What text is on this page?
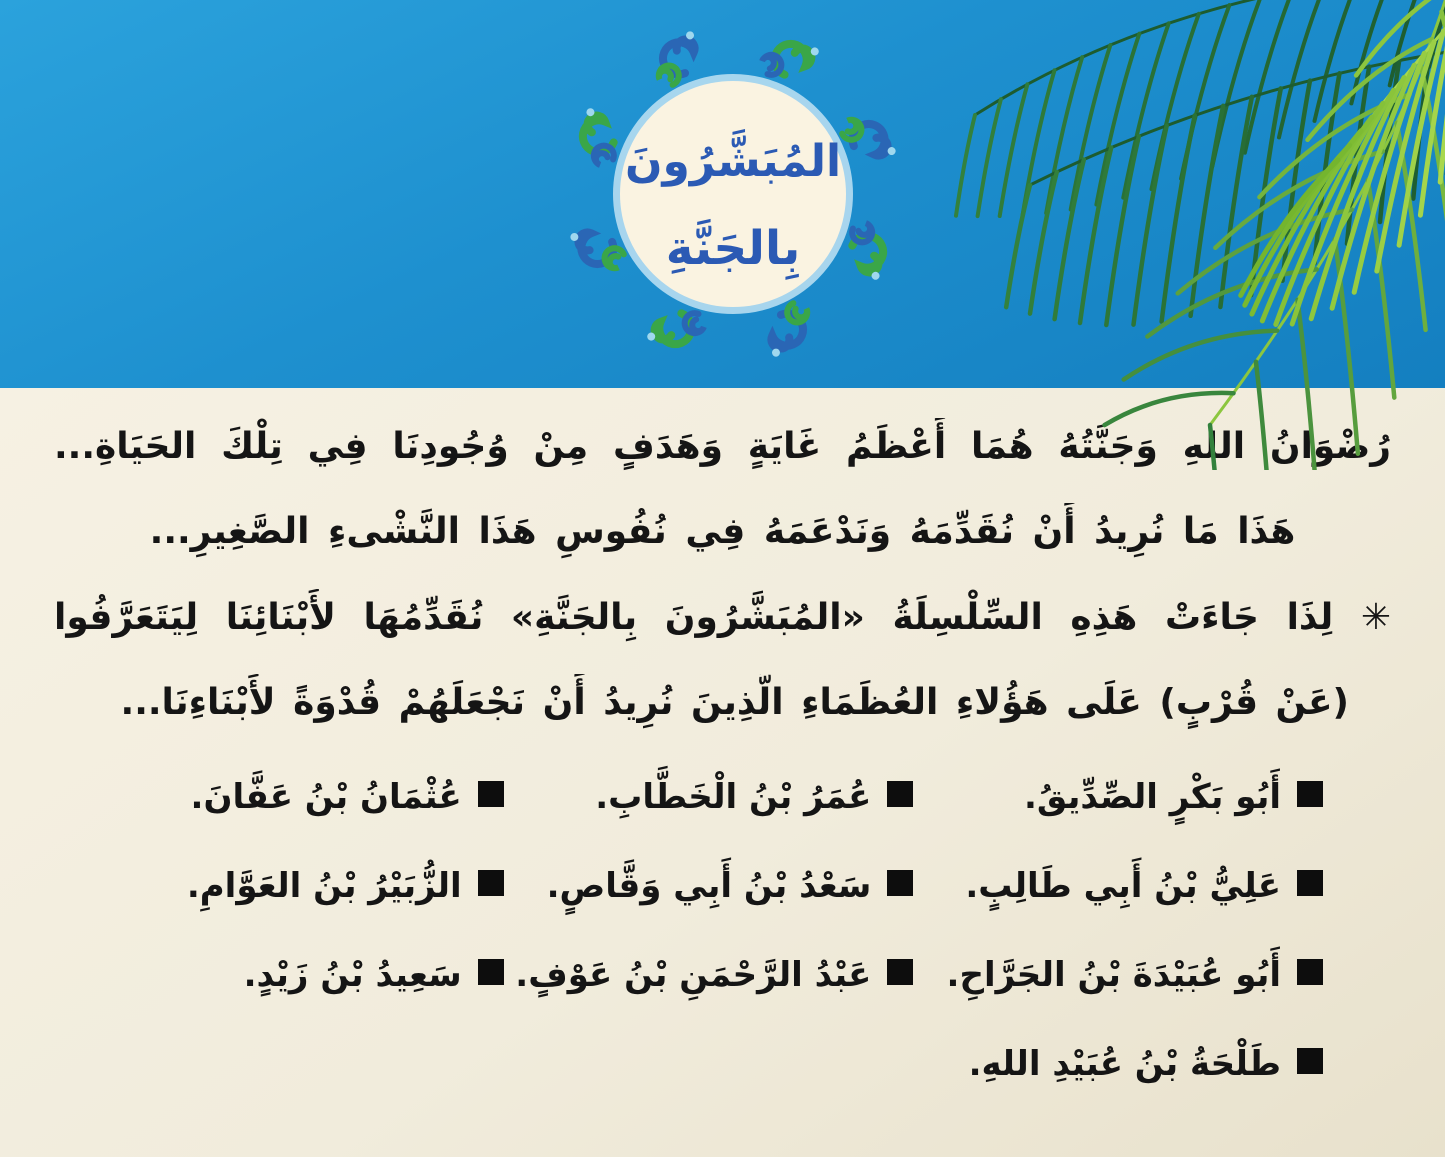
المُبَشَّرُونَ
بِالجَنَّةِ

رُضْوَانُ اللهِ وَجَنَّتُهُ هُمَا أَعْظَمُ غَايَةٍ وَهَدَفٍ مِنْ وُجُودِنَا فِي تِلْكَ الحَيَاةِ...

هَذَا مَا نُرِيدُ أَنْ نُقَدِّمَهُ وَنَدْعَمَهُ فِي نُفُوسِ هَذَا النَّشْىءِ الصَّغِيرِ...

✳ لِذَا جَاءَتْ هَذِهِ السِّلْسِلَةُ «المُبَشَّرُونَ بِالجَنَّةِ» نُقَدِّمُهَا لأَبْنَائِنَا لِيَتَعَرَّفُوا

(عَنْ قُرْبٍ) عَلَى هَؤُلاءِ العُظَمَاءِ الَّذِينَ نُرِيدُ أَنْ نَجْعَلَهُمْ قُدْوَةً لأَبْنَاءِنَا...

أَبُو بَكْرٍ الصِّدِّيقُ.
عُمَرُ بْنُ الْخَطَّابِ.
عُثْمَانُ بْنُ عَفَّانَ.
عَلِيُّ بْنُ أَبِي طَالِبٍ.
سَعْدُ بْنُ أَبِي وَقَّاصٍ.
الزُّبَيْرُ بْنُ العَوَّامِ.
أَبُو عُبَيْدَةَ بْنُ الجَرَّاحِ.
عَبْدُ الرَّحْمَنِ بْنُ عَوْفٍ.
سَعِيدُ بْنُ زَيْدٍ.
طَلْحَةُ بْنُ عُبَيْدِ اللهِ.
